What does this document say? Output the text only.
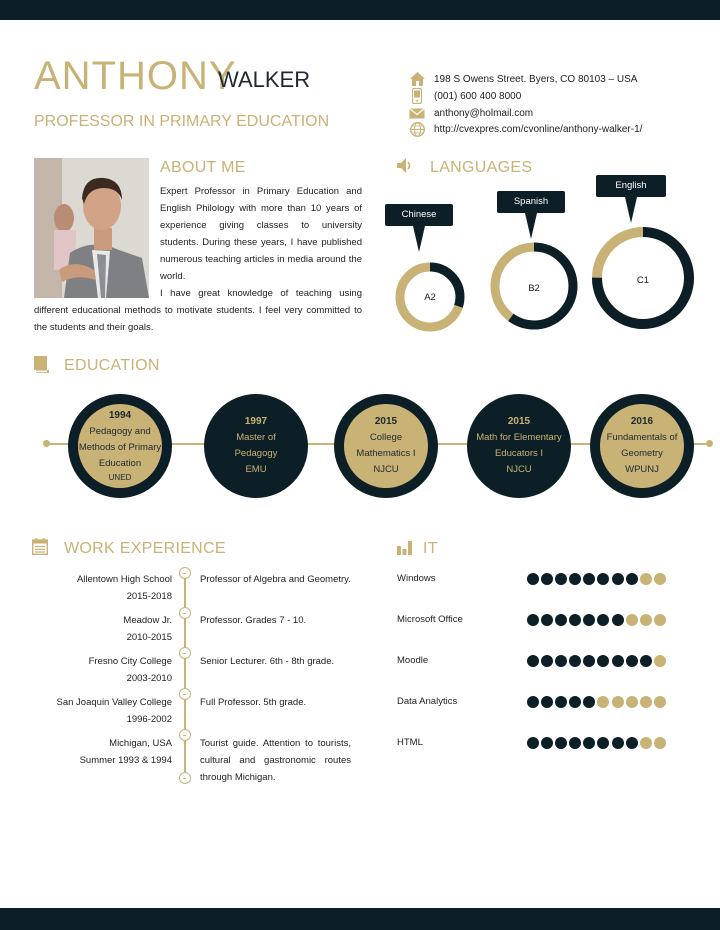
ANTHONY
WALKER
PROFESSOR IN PRIMARY EDUCATION
198 S Owens Street. Byers, CO 80103 – USA
(001) 600 400 8000
anthony@holmail.com
http://cvexpres.com/cvonline/anthony-walker-1/
ABOUT ME

Expert Professor in Primary Education and English Philology with more than 10 years of experience giving classes to university students. During these years, I have published numerous teaching articles in media around the world.

I have great knowledge of teaching using different educational methods to motivate students. I feel very committed to the students and their goals.

LANGUAGES
Chinese
Spanish
English
A2
B2
C1
EDUCATION
1994
Pedagogy and
Methods of Primary
Education
UNED
1997
Master of
Pedagogy
EMU
2015
College
Mathematics I
NJCU
2015
Math for Elementary
Educators I
NJCU
2016
Fundamentals of
Geometry
WPUNJ
WORK EXPERIENCE
Allentown High School
2015-2018
Professor of Algebra and Geometry.
Meadow Jr.
2010-2015
Professor. Grades 7 - 10.
Fresno City College
2003-2010
Senior Lecturer. 6th - 8th grade.
San Joaquin Valley College
1996-2002
Full Professor. 5th grade.
Michigan, USA
Summer 1993 & 1994
Tourist guide. Attention to tourists, cultural and gastronomic routes through Michigan.
IT
Windows
Microsoft Office
Moodle
Data Analytics
HTML
